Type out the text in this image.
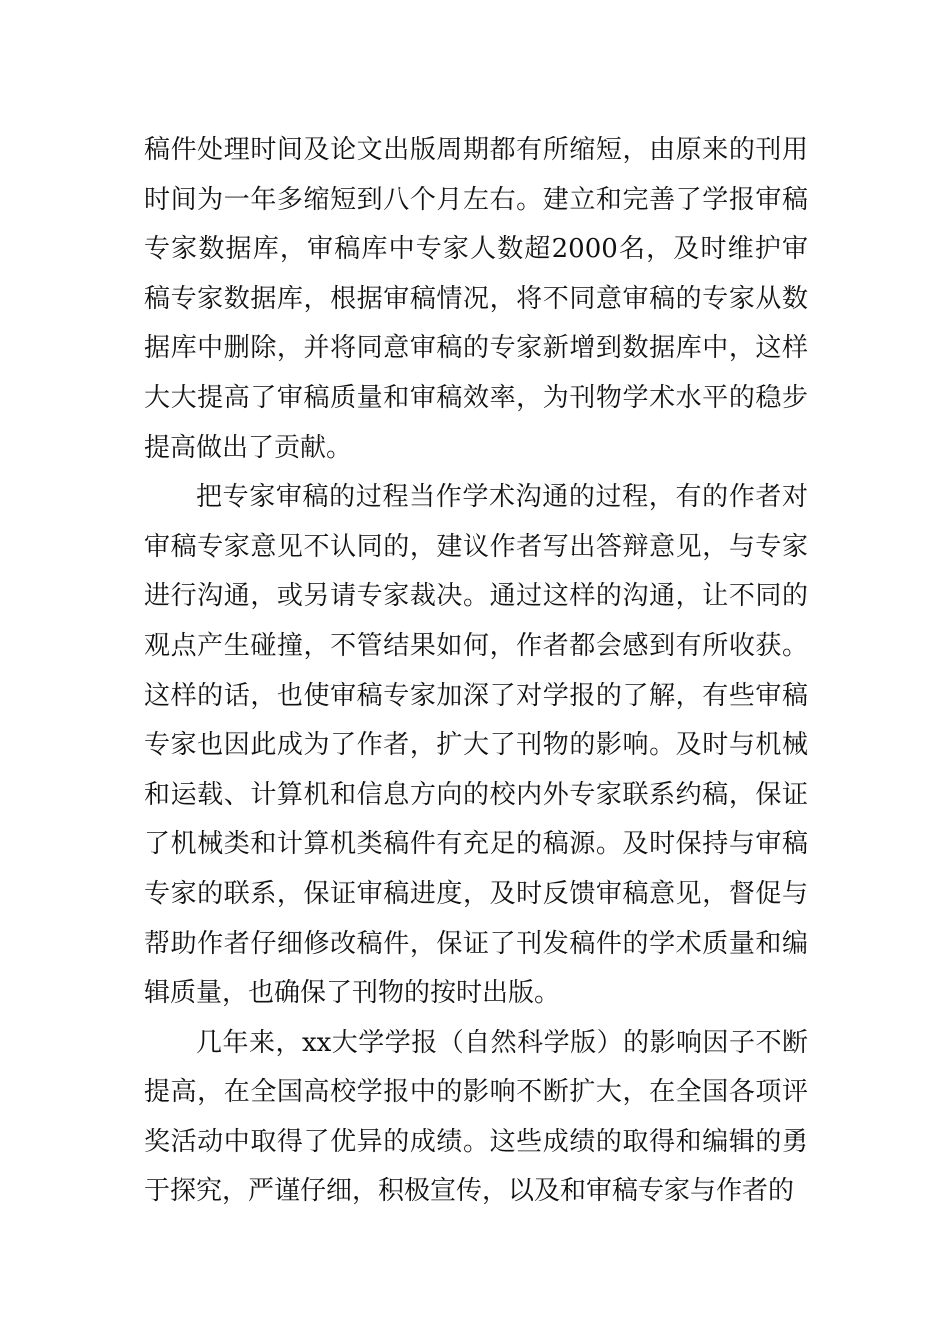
稿件处理时间及论文出版周期都有所缩短，由原来的刊用时间为一年多缩短到八个月左右。建立和完善了学报审稿专家数据库，审稿库中专家人数超2000名，及时维护审稿专家数据库，根据审稿情况，将不同意审稿的专家从数据库中删除，并将同意审稿的专家新增到数据库中，这样大大提高了审稿质量和审稿效率，为刊物学术水平的稳步提高做出了贡献。

把专家审稿的过程当作学术沟通的过程，有的作者对审稿专家意见不认同的，建议作者写出答辩意见，与专家进行沟通，或另请专家裁决。通过这样的沟通，让不同的观点产生碰撞，不管结果如何，作者都会感到有所收获。这样的话，也使审稿专家加深了对学报的了解，有些审稿专家也因此成为了作者，扩大了刊物的影响。及时与机械和运载、计算机和信息方向的校内外专家联系约稿，保证了机械类和计算机类稿件有充足的稿源。及时保持与审稿专家的联系，保证审稿进度，及时反馈审稿意见，督促与帮助作者仔细修改稿件，保证了刊发稿件的学术质量和编辑质量，也确保了刊物的按时出版。

几年来，xx大学学报（自然科学版）的影响因子不断提高，在全国高校学报中的影响不断扩大，在全国各项评奖活动中取得了优异的成绩。这些成绩的取得和编辑的勇于探究，严谨仔细，积极宣传，以及和审稿专家与作者的
